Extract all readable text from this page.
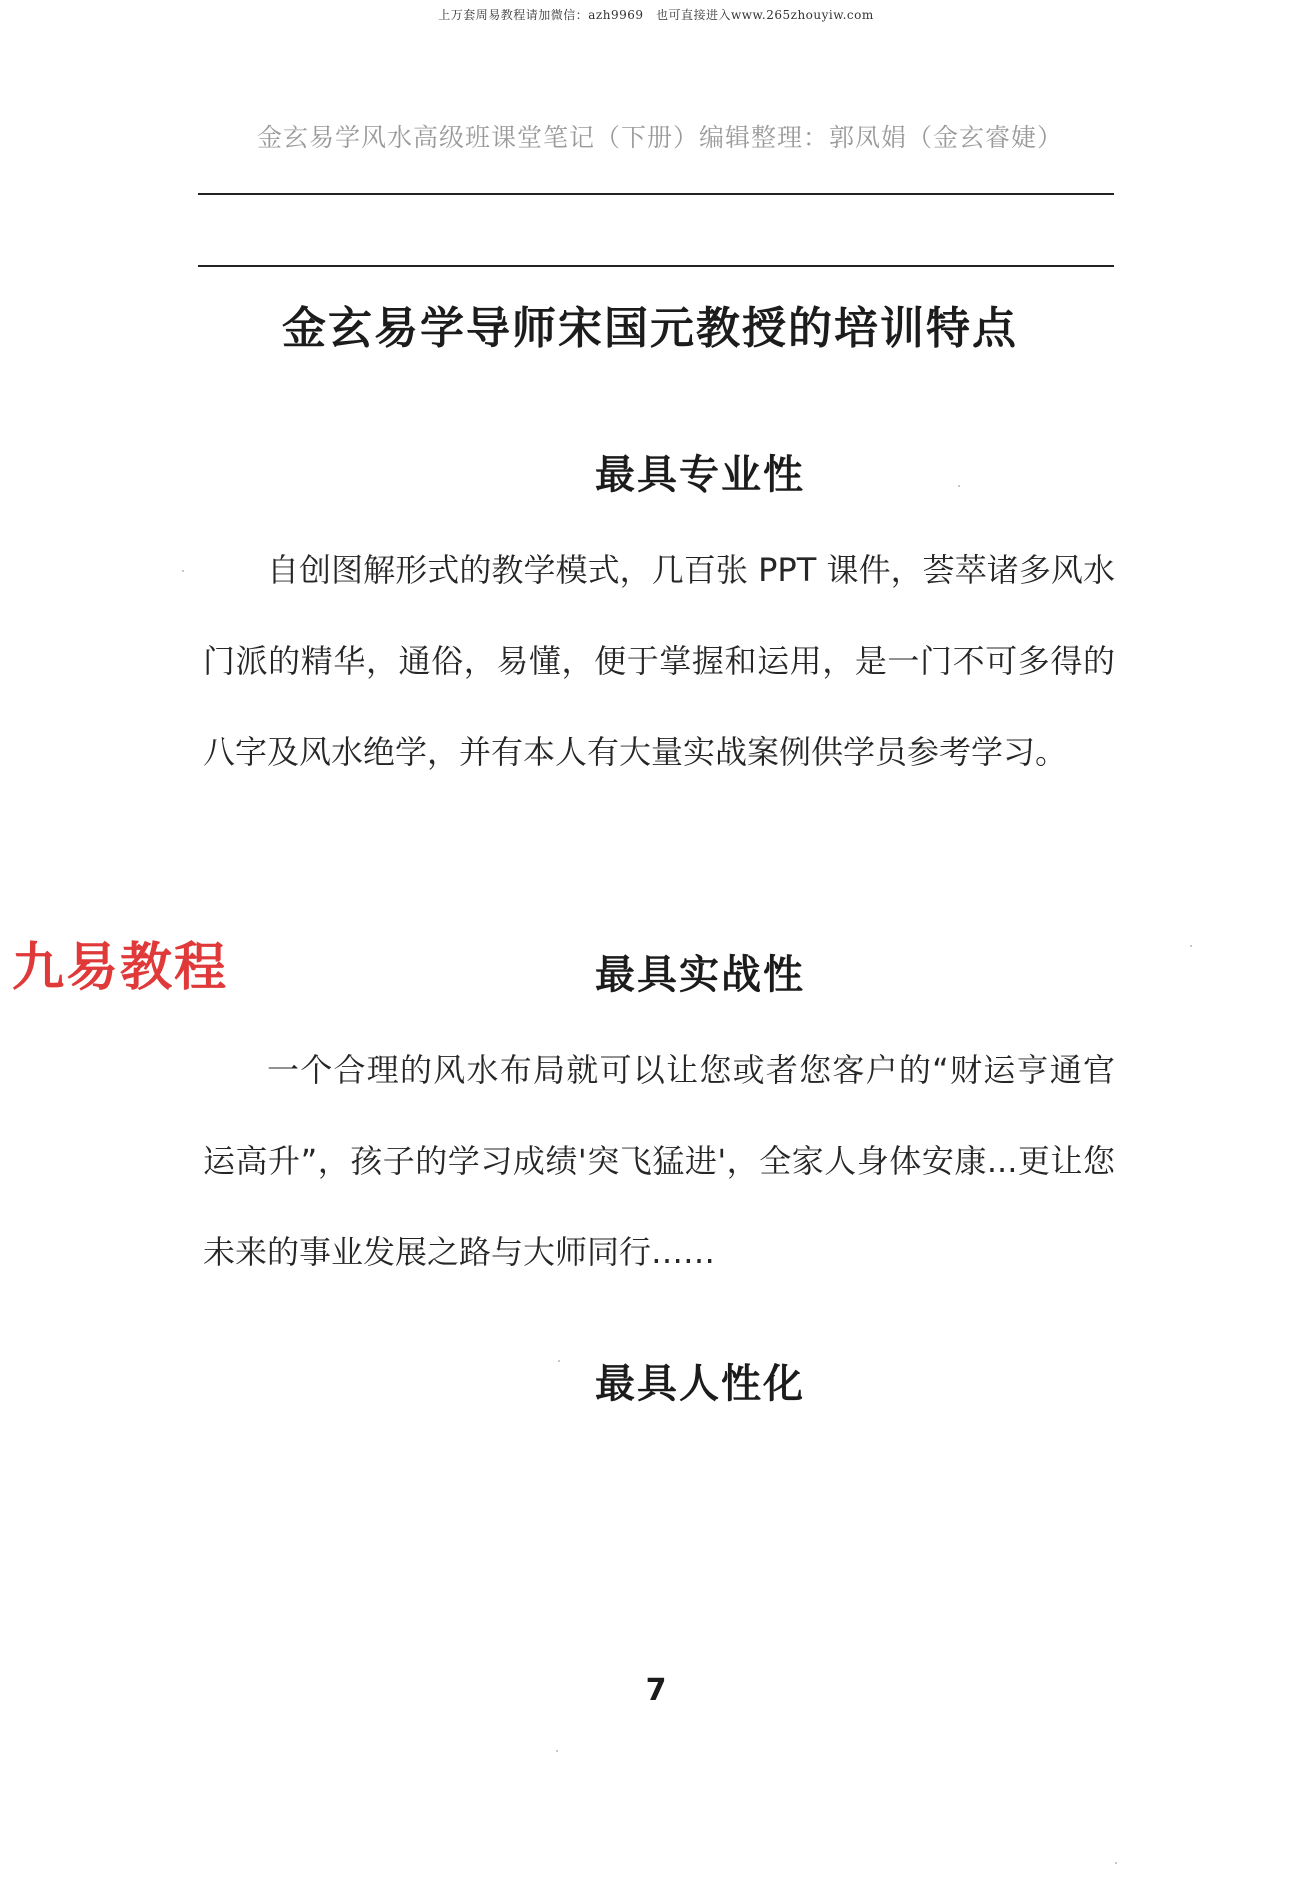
上万套周易教程请加微信：azh9969　也可直接进入www.265zhouyiw.com
金玄易学风水高级班课堂笔记（下册）编辑整理：郭凤娟（金玄睿婕）
金玄易学导师宋国元教授的培训特点
最具专业性
自创图解形式的教学模式，几百张 PPT 课件，荟萃诸多风水门派的精华，通俗，易懂，便于掌握和运用，是一门不可多得的八字及风水绝学，并有本人有大量实战案例供学员参考学习。
最具实战性
一个合理的风水布局就可以让您或者您客户的“财运亨通官运高升”，孩子的学习成绩'突飞猛进'，全家人身体安康...更让您未来的事业发展之路与大师同行……
最具人性化
7
九易教程
